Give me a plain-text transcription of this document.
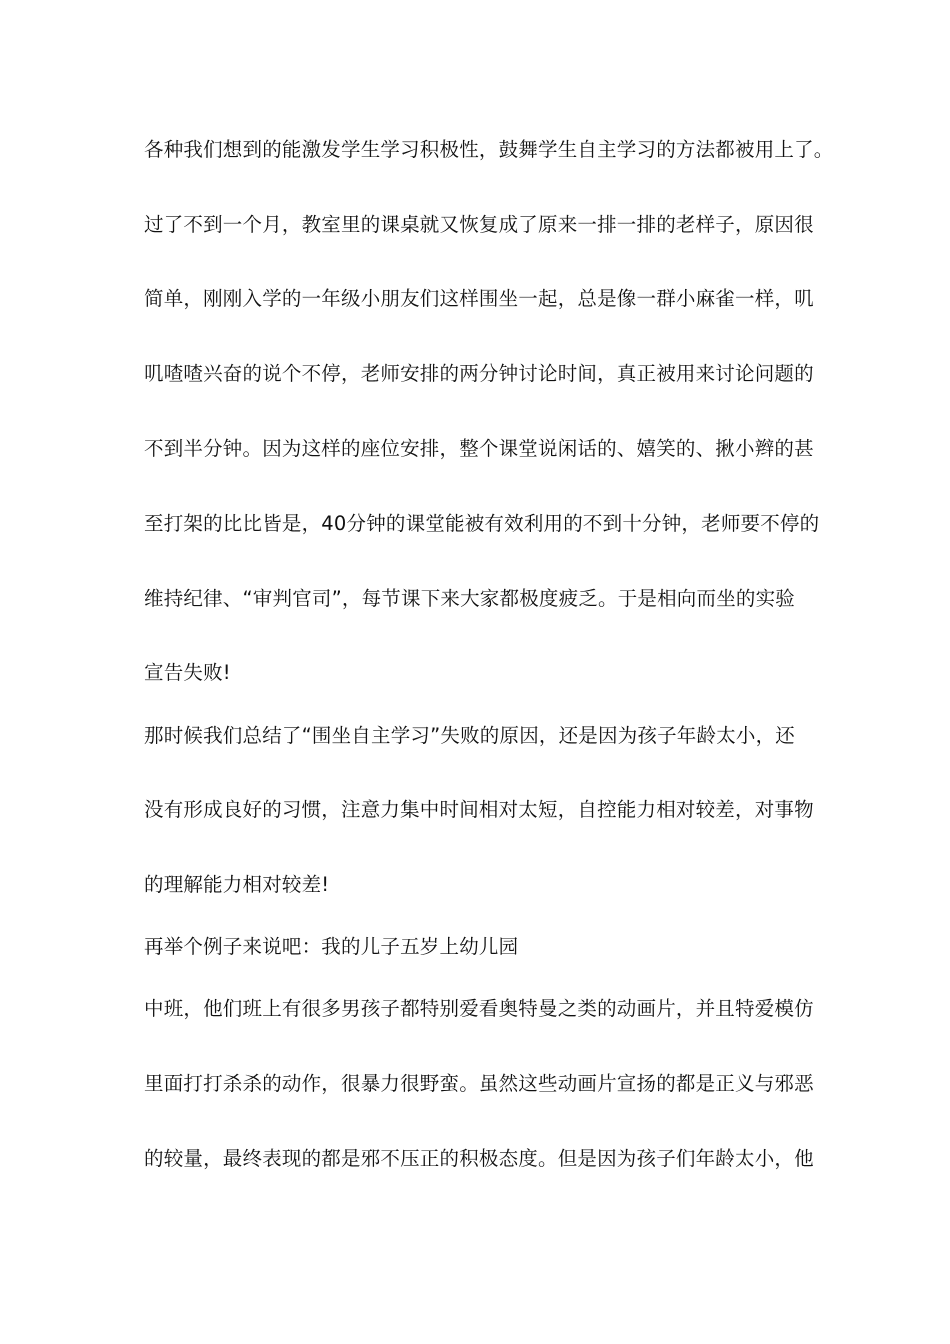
各种我们想到的能激发学生学习积极性，鼓舞学生自主学习的方法都被用上了。
过了不到一个月，教室里的课桌就又恢复成了原来一排一排的老样子，原因很
简单，刚刚入学的一年级小朋友们这样围坐一起，总是像一群小麻雀一样，叽
叽喳喳兴奋的说个不停，老师安排的两分钟讨论时间，真正被用来讨论问题的
不到半分钟。因为这样的座位安排，整个课堂说闲话的、嬉笑的、揪小辫的甚
至打架的比比皆是，40分钟的课堂能被有效利用的不到十分钟，老师要不停的
维持纪律、“审判官司”，每节课下来大家都极度疲乏。于是相向而坐的实验
宣告失败!
那时候我们总结了“围坐自主学习”失败的原因，还是因为孩子年龄太小，还
没有形成良好的习惯，注意力集中时间相对太短，自控能力相对较差，对事物
的理解能力相对较差!
再举个例子来说吧：我的儿子五岁上幼儿园
中班，他们班上有很多男孩子都特别爱看奥特曼之类的动画片，并且特爱模仿
里面打打杀杀的动作，很暴力很野蛮。虽然这些动画片宣扬的都是正义与邪恶
的较量，最终表现的都是邪不压正的积极态度。但是因为孩子们年龄太小，他
